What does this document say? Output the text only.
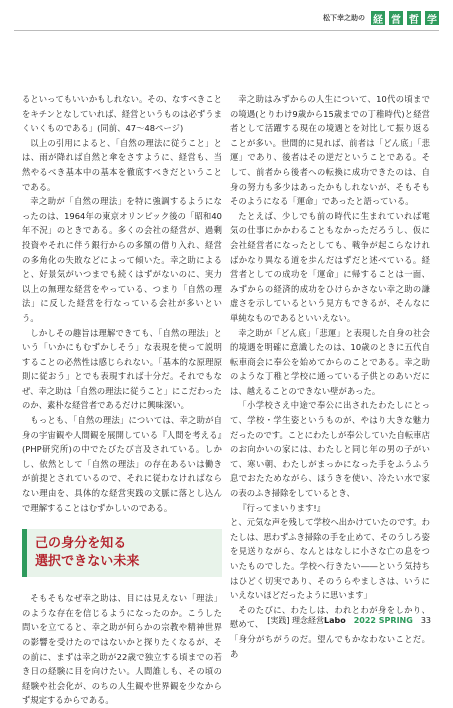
松下幸之助の 経 営 哲 学

るといってもいいかもしれない。その、なすべきことをキチンとなしていれば、経営というものは必ずうまくいくものである」(同前、47〜48ページ)

以上の引用によると、「自然の理法に従うこと」とは、雨が降れば自然と傘をさすように、経営も、当然やるべき基本中の基本を徹底すべきだということである。

幸之助が「自然の理法」を特に強調するようになったのは、1964年の東京オリンピック後の「昭和40年不況」のときである。多くの会社の経営が、過剰投資やそれに伴う銀行からの多額の借り入れ、経営の多角化の失敗などによって傾いた。幸之助によると、好景気がいつまでも続くはずがないのに、実力以上の無理な経営をやっている、つまり「自然の理法」に反した経営を行なっている会社が多いという。

しかしその趣旨は理解できても、「自然の理法」という「いかにもむずかしそう」な表現を使って説明することの必然性は感じられない。「基本的な原理原則に従おう」とでも表現すれば十分だ。それでもなぜ、幸之助は「自然の理法に従うこと」にこだわったのか、素朴な経営者であるだけに興味深い。

もっとも、「自然の理法」については、幸之助が自身の宇宙観や人間観を展開している『人間を考える』(PHP研究所)の中でたびたび言及されている。しかし、依然として「自然の理法」の存在あるいは働きが前提とされているので、それに従わなければならない理由を、具体的な経営実践の文脈に落とし込んで理解することはむずかしいのである。

己の身分を知る
選択できない未来

そもそもなぜ幸之助は、目には見えない「理法」のような存在を信じるようになったのか。こうした問いを立てると、幸之助が何らかの宗教や精神世界の影響を受けたのではないかと探りたくなるが、その前に、まずは幸之助が22歳で独立する頃までの若き日の経験に目を向けたい。人間誰しも、その頃の経験や社会化が、のちの人生観や世界観を少なからず規定するからである。

幸之助はみずからの人生について、10代の頃までの境遇(とりわけ9歳から15歳までの丁稚時代)と経営者として活躍する現在の境遇とを対比して振り返ることが多い。世間的に見れば、前者は「どん底」「悲運」であり、後者はその逆だということである。そして、前者から後者への転換に成功できたのは、自身の努力も多少はあったかもしれないが、そもそもそのようになる「運命」であったと語っている。

たとえば、少しでも前の時代に生まれていれば電気の仕事にかかわることもなかっただろうし、仮に会社経営者になったとしても、戦争が起こらなければかなり異なる道を歩んだはずだと述べている。経営者としての成功を「運命」に帰することは一面、みずからの経済的成功をひけらかさない幸之助の謙虚さを示しているという見方もできるが、そんなに単純なものであるといいえない。

幸之助が「どん底」「悲運」と表現した自身の社会的境遇を明確に意識したのは、10歳のときに五代自転車商会に奉公を始めてからのことである。幸之助のような丁稚と学校に通っている子供とのあいだには、越えることのできない壁があった。

「小学校さえ中途で奉公に出されたわたしにとって、学校・学生姿というものが、やはり大きな魅力だったのです。ことにわたしが奉公していた自転車店のお向かいの家には、わたしと同じ年の男の子がいて、寒い朝、わたしがまっかになった手をふうふう息でおたためながら、ほうきを使い、冷たい水で家の表のふき掃除をしているとき、

『行ってまいります!』

と、元気な声を残して学校へ出かけていたのです。わたしは、思わずふき掃除の手を止めて、そのうしろ姿を見送りながら、なんとはなしに小さな亡の息をついたものでした。学校へ行きたい――という気持ちはひどく切実であり、そのうらやましさは、いうにいえないほどだったように思います」

そのたびに、わたしは、われとわが身をしかり、慰めて、

「身分がちがうのだ。望んでもかなわないことだ。あ

[実践] 理念経営Labo 2022 SPRING 33
